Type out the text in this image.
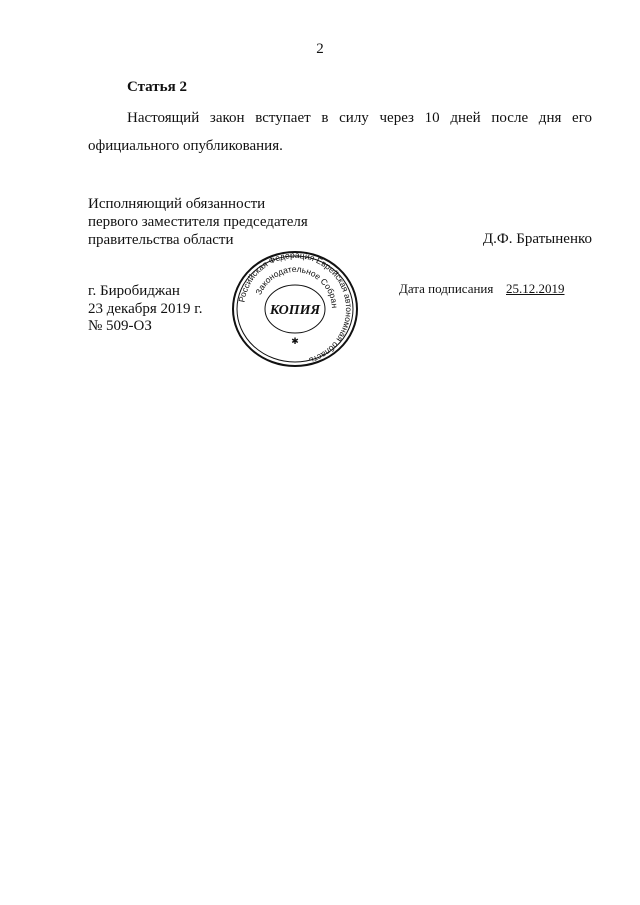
2
Статья 2
Настоящий закон вступает в силу через 10 дней после дня его
официального опубликования.
Исполняющий обязанности
первого заместителя председателя
правительства области	Д.Ф. Братыненко
г. Биробиджан
23 декабря 2019 г.
№ 509-ОЗ
Дата подписания 25.12.2019
Российская Федерация Еврейская автономная область
Законодательное Собран
КОПИЯ
✱
